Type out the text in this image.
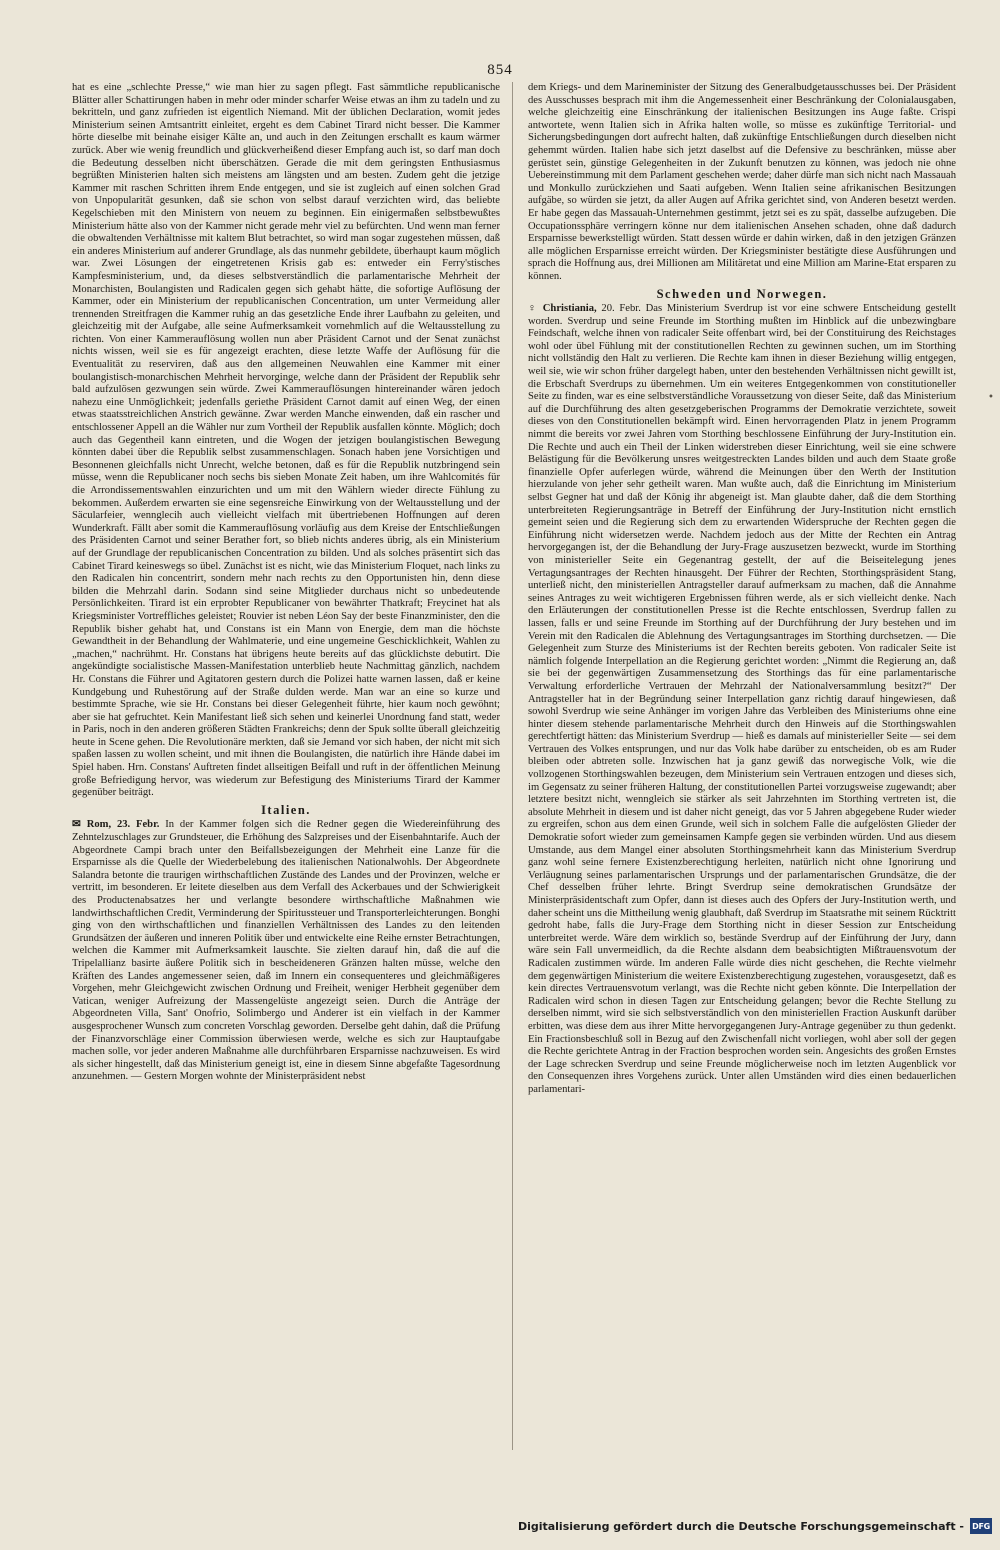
854

hat es eine „schlechte Presse,“ wie man hier zu sagen pflegt. Fast sämmtliche republicanische Blätter aller Schattirungen haben in mehr oder minder scharfer Weise etwas an ihm zu tadeln und zu bekritteln, und ganz zufrieden ist eigentlich Niemand. Mit der üblichen Declaration, womit jedes Ministerium seinen Amtsantritt einleitet, ergeht es dem Cabinet Tirard nicht besser. Die Kammer hörte dieselbe mit beinahe eisiger Kälte an, und auch in den Zeitungen erschallt es kaum wärmer zurück. Aber wie wenig freundlich und glückverheißend dieser Empfang auch ist, so darf man doch die Bedeutung desselben nicht überschätzen. Gerade die mit dem geringsten Enthusiasmus begrüßten Ministerien halten sich meistens am längsten und am besten. Zudem geht die jetzige Kammer mit raschen Schritten ihrem Ende entgegen, und sie ist zugleich auf einen solchen Grad von Unpopularität gesunken, daß sie schon von selbst darauf verzichten wird, das beliebte Kegelschieben mit den Ministern von neuem zu beginnen. Ein einigermaßen selbstbewußtes Ministerium hätte also von der Kammer nicht gerade mehr viel zu befürchten. Und wenn man ferner die obwaltenden Verhältnisse mit kaltem Blut betrachtet, so wird man sogar zugestehen müssen, daß ein anderes Ministerium auf anderer Grundlage, als das nunmehr gebildete, überhaupt kaum möglich war. Zwei Lösungen der eingetretenen Krisis gab es: entweder ein Ferry'stisches Kampfesministerium, und, da dieses selbstverständlich die parlamentarische Mehrheit der Monarchisten, Boulangisten und Radicalen gegen sich gehabt hätte, die sofortige Auflösung der Kammer, oder ein Ministerium der republicanischen Concentration, um unter Vermeidung aller trennenden Streitfragen die Kammer ruhig an das gesetzliche Ende ihrer Laufbahn zu geleiten, und gleichzeitig mit der Aufgabe, alle seine Aufmerksamkeit vornehmlich auf die Weltausstellung zu richten. Von einer Kammerauflösung wollen nun aber Präsident Carnot und der Senat zunächst nichts wissen, weil sie es für angezeigt erachten, diese letzte Waffe der Auflösung für die Eventualität zu reserviren, daß aus den allgemeinen Neuwahlen eine Kammer mit einer boulangistisch-monarchischen Mehrheit hervorginge, welche dann der Präsident der Republik sehr bald aufzulösen gezwungen sein würde. Zwei Kammerauflösungen hintereinander wären jedoch nahezu eine Unmöglichkeit; jedenfalls geriethe Präsident Carnot damit auf einen Weg, der einen etwas staatsstreichlichen Anstrich gewänne. Zwar werden Manche einwenden, daß ein rascher und entschlossener Appell an die Wähler nur zum Vortheil der Republik ausfallen könnte. Möglich; doch auch das Gegentheil kann eintreten, und die Wogen der jetzigen boulangistischen Bewegung könnten dabei über die Republik selbst zusammenschlagen. Sonach haben jene Vorsichtigen und Besonnenen gleichfalls nicht Unrecht, welche betonen, daß es für die Republik nutzbringend sein müsse, wenn die Republicaner noch sechs bis sieben Monate Zeit haben, um ihre Wahlcomités für die Arrondissementswahlen einzurichten und um mit den Wählern wieder directe Fühlung zu bekommen. Außerdem erwarten sie eine segensreiche Einwirkung von der Weltausstellung und der Säcularfeier, wennglecih auch vielleicht vielfach mit übertriebenen Hoffnungen auf deren Wunderkraft. Fällt aber somit die Kammerauflösung vorläufig aus dem Kreise der Entschließungen des Präsidenten Carnot und seiner Berather fort, so blieb nichts anderes übrig, als ein Ministerium auf der Grundlage der republicanischen Concentration zu bilden. Und als solches präsentirt sich das Cabinet Tirard keineswegs so übel. Zunächst ist es nicht, wie das Ministerium Floquet, nach links zu den Radicalen hin concentrirt, sondern mehr nach rechts zu den Opportunisten hin, denn diese bilden die Mehrzahl darin. Sodann sind seine Mitglieder durchaus nicht so unbedeutende Persönlichkeiten. Tirard ist ein erprobter Republicaner von bewährter Thatkraft; Freycinet hat als Kriegsminister Vortreffliches geleistet; Rouvier ist neben Léon Say der beste Finanzminister, den die Republik bisher gehabt hat, und Constans ist ein Mann von Energie, dem man die höchste Gewandtheit in der Behandlung der Wahlmaterie, und eine ungemeine Geschicklichkeit, Wahlen zu „machen,“ nachrühmt. Hr. Constans hat übrigens heute bereits auf das glücklichste debutirt. Die angekündigte socialistische Massen-Manifestation unterblieb heute Nachmittag gänzlich, nachdem Hr. Constans die Führer und Agitatoren gestern durch die Polizei hatte warnen lassen, daß er keine Kundgebung und Ruhestörung auf der Straße dulden werde. Man war an eine so kurze und bestimmte Sprache, wie sie Hr. Constans bei dieser Gelegenheit führte, hier kaum noch gewöhnt; aber sie hat gefruchtet. Kein Manifestant ließ sich sehen und keinerlei Unordnung fand statt, weder in Paris, noch in den anderen größeren Städten Frankreichs; denn der Spuk sollte überall gleichzeitig heute in Scene gehen. Die Revolutionäre merkten, daß sie Jemand vor sich haben, der nicht mit sich spaßen lassen zu wollen scheint, und mit ihnen die Boulangisten, die natürlich ihre Hände dabei im Spiel haben. Hrn. Constans' Auftreten findet allseitigen Beifall und ruft in der öffentlichen Meinung große Befriedigung hervor, was wiederum zur Befestigung des Ministeriums Tirard der Kammer gegenüber beiträgt.

Italien.

✉ Rom, 23. Febr. In der Kammer folgen sich die Redner gegen die Wiedereinführung des Zehntelzuschlages zur Grundsteuer, die Erhöhung des Salzpreises und der Eisenbahntarife. Auch der Abgeordnete Campi brach unter den Beifallsbezeigungen der Mehrheit eine Lanze für die Ersparnisse als die Quelle der Wiederbelebung des italienischen Nationalwohls. Der Abgeordnete Salandra betonte die traurigen wirthschaftlichen Zustände des Landes und der Provinzen, welche er vertritt, im besonderen. Er leitete dieselben aus dem Verfall des Ackerbaues und der Schwierigkeit des Productenabsatzes her und verlangte besondere wirthschaftliche Maßnahmen wie landwirthschaftlichen Credit, Verminderung der Spiritussteuer und Transporterleichterungen. Bonghi ging von den wirthschaftlichen und finanziellen Verhältnissen des Landes zu den leitenden Grundsätzen der äußeren und inneren Politik über und entwickelte eine Reihe ernster Betrachtungen, welchen die Kammer mit Aufmerksamkeit lauschte. Sie zielten darauf hin, daß die auf die Tripelallianz basirte äußere Politik sich in bescheideneren Gränzen halten müsse, welche den Kräften des Landes angemessener seien, daß im Innern ein consequenteres und gleichmäßigeres Vorgehen, mehr Gleichgewicht zwischen Ordnung und Freiheit, weniger Herbheit gegenüber dem Vatican, weniger Aufreizung der Massengelüste angezeigt seien. Durch die Anträge der Abgeordneten Villa, Sant' Onofrio, Solimbergo und Anderer ist ein vielfach in der Kammer ausgesprochener Wunsch zum concreten Vorschlag geworden. Derselbe geht dahin, daß die Prüfung der Finanzvorschläge einer Commission überwiesen werde, welche es sich zur Hauptaufgabe machen solle, vor jeder anderen Maßnahme alle durchführbaren Ersparnisse nachzuweisen. Es wird als sicher hingestellt, daß das Ministerium geneigt ist, eine in diesem Sinne abgefaßte Tagesordnung anzunehmen. — Gestern Morgen wohnte der Ministerpräsident nebst

dem Kriegs- und dem Marineminister der Sitzung des Generalbudgetausschusses bei. Der Präsident des Ausschusses besprach mit ihm die Angemessenheit einer Beschränkung der Colonialausgaben, welche gleichzeitig eine Einschränkung der italienischen Besitzungen ins Auge faßte. Crispi antwortete, wenn Italien sich in Afrika halten wolle, so müsse es zukünftige Territorial- und Sicherungsbedingungen dort aufrecht halten, daß zukünftige Entschließungen durch dieselben nicht gehemmt würden. Italien habe sich jetzt daselbst auf die Defensive zu beschränken, müsse aber gerüstet sein, günstige Gelegenheiten in der Zukunft benutzen zu können, was jedoch nie ohne Uebereinstimmung mit dem Parlament geschehen werde; daher dürfe man sich nicht nach Massauah und Monkullo zurückziehen und Saati aufgeben. Wenn Italien seine afrikanischen Besitzungen aufgäbe, so würden sie jetzt, da aller Augen auf Afrika gerichtet sind, von Anderen besetzt werden. Er habe gegen das Massauah-Unternehmen gestimmt, jetzt sei es zu spät, dasselbe aufzugeben. Die Occupationssphäre verringern könne nur dem italienischen Ansehen schaden, ohne daß dadurch Ersparnisse bewerkstelligt würden. Statt dessen würde er dahin wirken, daß in den jetzigen Gränzen alle möglichen Ersparnisse erreicht würden. Der Kriegsminister bestätigte diese Ausführungen und sprach die Hoffnung aus, drei Millionen am Militäretat und eine Million am Marine-Etat ersparen zu können.

Schweden und Norwegen.

♀ Christiania, 20. Febr. Das Ministerium Sverdrup ist vor eine schwere Entscheidung gestellt worden. Sverdrup und seine Freunde im Storthing mußten im Hinblick auf die unbezwingbare Feindschaft, welche ihnen von radicaler Seite offenbart wird, bei der Constituirung des Reichstages wohl oder übel Fühlung mit der constitutionellen Rechten zu gewinnen suchen, um im Storthing nicht vollständig den Halt zu verlieren. Die Rechte kam ihnen in dieser Beziehung willig entgegen, weil sie, wie wir schon früher dargelegt haben, unter den bestehenden Verhältnissen nicht gewillt ist, die Erbschaft Sverdrups zu übernehmen. Um ein weiteres Entgegenkommen von constitutioneller Seite zu finden, war es eine selbstverständliche Voraussetzung von dieser Seite, daß das Ministerium auf die Durchführung des alten gesetzgeberischen Programms der Demokratie verzichtete, soweit dieses von den Constitutionellen bekämpft wird. Einen hervorragenden Platz in jenem Programm nimmt die bereits vor zwei Jahren vom Storthing beschlossene Einführung der Jury-Institution ein. Die Rechte und auch ein Theil der Linken widerstreben dieser Einrichtung, weil sie eine schwere Belästigung für die Bevölkerung unsres weitgestreckten Landes bilden und auch dem Staate große finanzielle Opfer auferlegen würde, während die Meinungen über den Werth der Institution hierzulande von jeher sehr getheilt waren. Man wußte auch, daß die Einrichtung im Ministerium selbst Gegner hat und daß der König ihr abgeneigt ist. Man glaubte daher, daß die dem Storthing unterbreiteten Regierungsanträge in Betreff der Einführung der Jury-Institution nicht ernstlich gemeint seien und die Regierung sich dem zu erwartenden Widerspruche der Rechten gegen die Einführung nicht widersetzen werde. Nachdem jedoch aus der Mitte der Rechten ein Antrag hervorgegangen ist, der die Behandlung der Jury-Frage auszusetzen bezweckt, wurde im Storthing von ministerieller Seite ein Gegenantrag gestellt, der auf die Beiseitelegung jenes Vertagungsantrages der Rechten hinausgeht. Der Führer der Rechten, Storthingspräsident Stang, unterließ nicht, den ministeriellen Antragsteller darauf aufmerksam zu machen, daß die Annahme seines Antrages zu weit wichtigeren Ergebnissen führen werde, als er sich vielleicht denke. Nach den Erläuterungen der constitutionellen Presse ist die Rechte entschlossen, Sverdrup fallen zu lassen, falls er und seine Freunde im Storthing auf der Durchführung der Jury bestehen und im Verein mit den Radicalen die Ablehnung des Vertagungsantrages im Storthing durchsetzen. — Die Gelegenheit zum Sturze des Ministeriums ist der Rechten bereits geboten. Von radicaler Seite ist nämlich folgende Interpellation an die Regierung gerichtet worden: „Nimmt die Regierung an, daß sie bei der gegenwärtigen Zusammensetzung des Storthings das für eine parlamentarische Verwaltung erforderliche Vertrauen der Mehrzahl der Nationalversammlung besitzt?“ Der Antragsteller hat in der Begründung seiner Interpellation ganz richtig darauf hingewiesen, daß sowohl Sverdrup wie seine Anhänger im vorigen Jahre das Verbleiben des Ministeriums ohne eine hinter diesem stehende parlamentarische Mehrheit durch den Hinweis auf die Storthingswahlen gerechtfertigt hätten: das Ministerium Sverdrup — hieß es damals auf ministerieller Seite — sei dem Vertrauen des Volkes entsprungen, und nur das Volk habe darüber zu entscheiden, ob es am Ruder bleiben oder abtreten solle. Inzwischen hat ja ganz gewiß das norwegische Volk, wie die vollzogenen Storthingswahlen bezeugen, dem Ministerium sein Vertrauen entzogen und dieses sich, im Gegensatz zu seiner früheren Haltung, der constitutionellen Partei vorzugsweise zugewandt; aber letztere besitzt nicht, wenngleich sie stärker als seit Jahrzehnten im Storthing vertreten ist, die absolute Mehrheit in diesem und ist daher nicht geneigt, das vor 5 Jahren abgegebene Ruder wieder zu ergreifen, schon aus dem einen Grunde, weil sich in solchem Falle die aufgelösten Glieder der Demokratie sofort wieder zum gemeinsamen Kampfe gegen sie verbinden würden. Und aus diesem Umstande, aus dem Mangel einer absoluten Storthingsmehrheit kann das Ministerium Sverdrup ganz wohl seine fernere Existenzberechtigung herleiten, natürlich nicht ohne Ignorirung und Verläugnung seines parlamentarischen Ursprungs und der parlamentarischen Grundsätze, die der Chef desselben früher lehrte. Bringt Sverdrup seine demokratischen Grundsätze der Ministerpräsidentschaft zum Opfer, dann ist dieses auch des Opfers der Jury-Institution werth, und daher scheint uns die Mittheilung wenig glaubhaft, daß Sverdrup im Staatsrathe mit seinem Rücktritt gedroht habe, falls die Jury-Frage dem Storthing nicht in dieser Session zur Entscheidung unterbreitet werde. Wäre dem wirklich so, bestände Sverdrup auf der Einführung der Jury, dann wäre sein Fall unvermeidlich, da die Rechte alsdann dem beabsichtigten Mißtrauensvotum der Radicalen zustimmen würde. Im anderen Falle würde dies nicht geschehen, die Rechte vielmehr dem gegenwärtigen Ministerium die weitere Existenzberechtigung zugestehen, vorausgesetzt, daß es kein directes Vertrauensvotum verlangt, was die Rechte nicht geben könnte. Die Interpellation der Radicalen wird schon in diesen Tagen zur Entscheidung gelangen; bevor die Rechte Stellung zu derselben nimmt, wird sie sich selbstverständlich von den ministeriellen Fraction Auskunft darüber erbitten, was diese dem aus ihrer Mitte hervorgegangenen Jury-Antrage gegenüber zu thun gedenkt. Ein Fractionsbeschluß soll in Bezug auf den Zwischenfall nicht vorliegen, wohl aber soll der gegen die Rechte gerichtete Antrag in der Fraction besprochen worden sein. Angesichts des großen Ernstes der Lage schrecken Sverdrup und seine Freunde möglicherweise noch im letzten Augenblick vor den Consequenzen ihres Vorgehens zurück. Unter allen Umständen wird dies einen bedauerlichen parlamentari-

•
Digitalisierung gefördert durch die Deutsche Forschungsgemeinschaft - DFG
